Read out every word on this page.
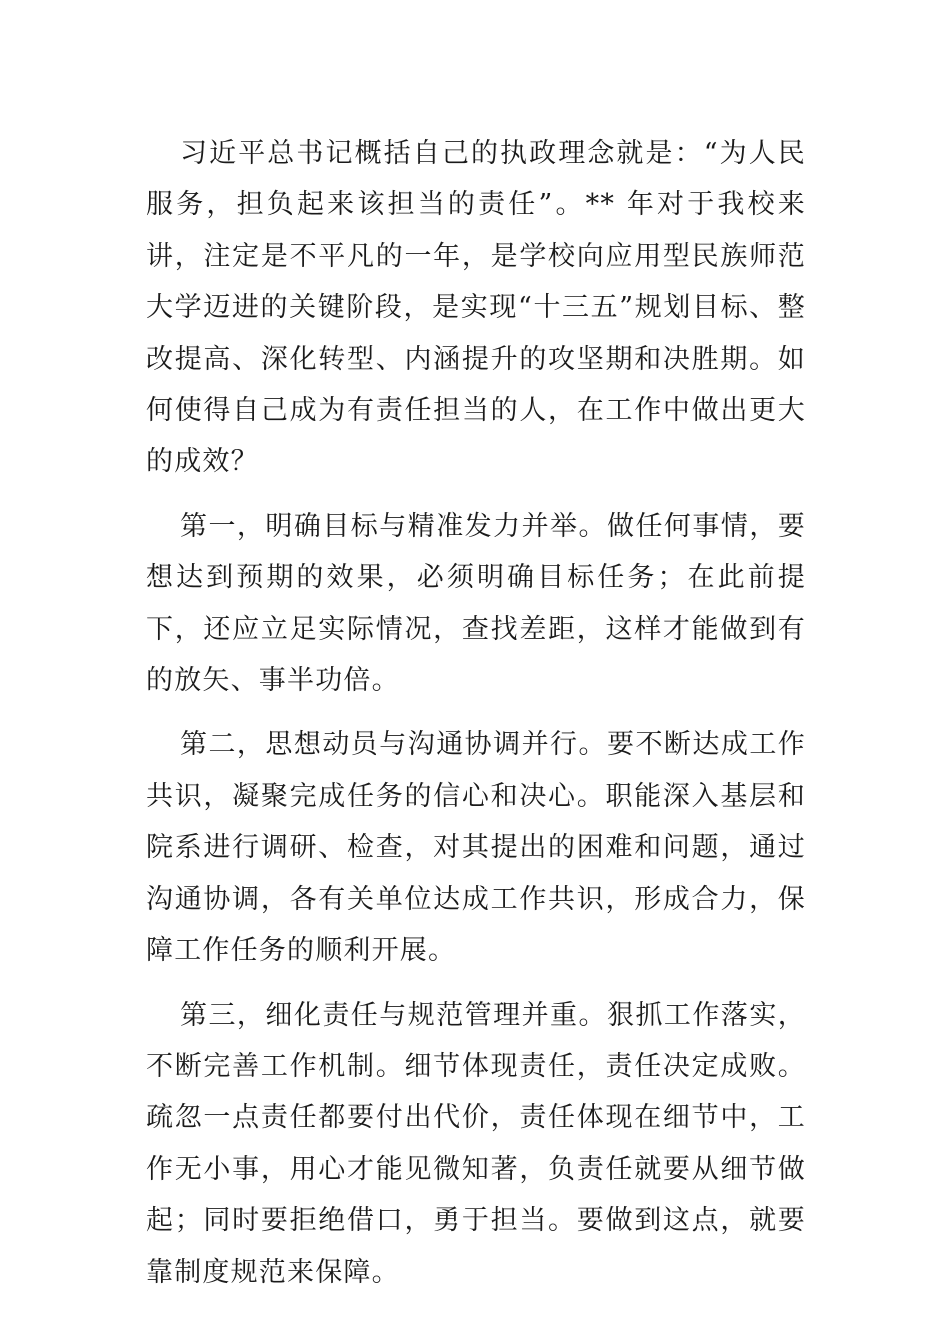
习近平总书记概括自己的执政理念就是：“为人民服务，担负起来该担当的责任”。** 年对于我校来讲，注定是不平凡的一年，是学校向应用型民族师范大学迈进的关键阶段，是实现“十三五”规划目标、整改提高、深化转型、内涵提升的攻坚期和决胜期。如何使得自己成为有责任担当的人，在工作中做出更大的成效？

第一，明确目标与精准发力并举。做任何事情，要想达到预期的效果，必须明确目标任务；在此前提下，还应立足实际情况，查找差距，这样才能做到有的放矢、事半功倍。

第二，思想动员与沟通协调并行。要不断达成工作共识，凝聚完成任务的信心和决心。职能深入基层和院系进行调研、检查，对其提出的困难和问题，通过沟通协调，各有关单位达成工作共识，形成合力，保障工作任务的顺利开展。

第三，细化责任与规范管理并重。狠抓工作落实，不断完善工作机制。细节体现责任，责任决定成败。疏忽一点责任都要付出代价，责任体现在细节中，工作无小事，用心才能见微知著，负责任就要从细节做起；同时要拒绝借口，勇于担当。要做到这点，就要靠制度规范来保障。
